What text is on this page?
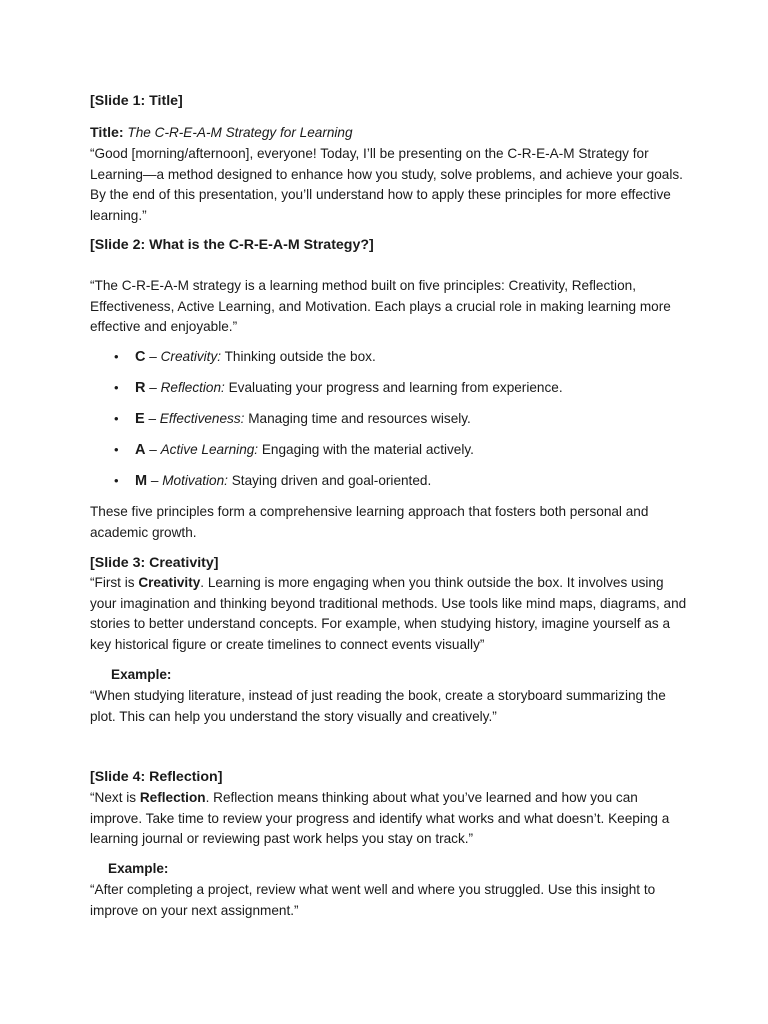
[Slide 1: Title]

Title: The C-R-E-A-M Strategy for Learning

“Good [morning/afternoon], everyone! Today, I’ll be presenting on the C-R-E-A-M Strategy for Learning—a method designed to enhance how you study, solve problems, and achieve your goals. By the end of this presentation, you’ll understand how to apply these principles for more effective learning.”

[Slide 2: What is the C-R-E-A-M Strategy?]

“The C-R-E-A-M strategy is a learning method built on five principles: Creativity, Reflection, Effectiveness, Active Learning, and Motivation. Each plays a crucial role in making learning more effective and enjoyable.”

• C – Creativity: Thinking outside the box.
• R – Reflection: Evaluating your progress and learning from experience.
• E – Effectiveness: Managing time and resources wisely.
• A – Active Learning: Engaging with the material actively.
• M – Motivation: Staying driven and goal-oriented.

These five principles form a comprehensive learning approach that fosters both personal and academic growth.

[Slide 3: Creativity]

“First is Creativity. Learning is more engaging when you think outside the box. It involves using your imagination and thinking beyond traditional methods. Use tools like mind maps, diagrams, and stories to better understand concepts. For example, when studying history, imagine yourself as a key historical figure or create timelines to connect events visually”

Example:

“When studying literature, instead of just reading the book, create a storyboard summarizing the plot. This can help you understand the story visually and creatively.”

[Slide 4: Reflection]

“Next is Reflection. Reflection means thinking about what you’ve learned and how you can improve. Take time to review your progress and identify what works and what doesn’t. Keeping a learning journal or reviewing past work helps you stay on track.”

Example:

“After completing a project, review what went well and where you struggled. Use this insight to improve on your next assignment.”
